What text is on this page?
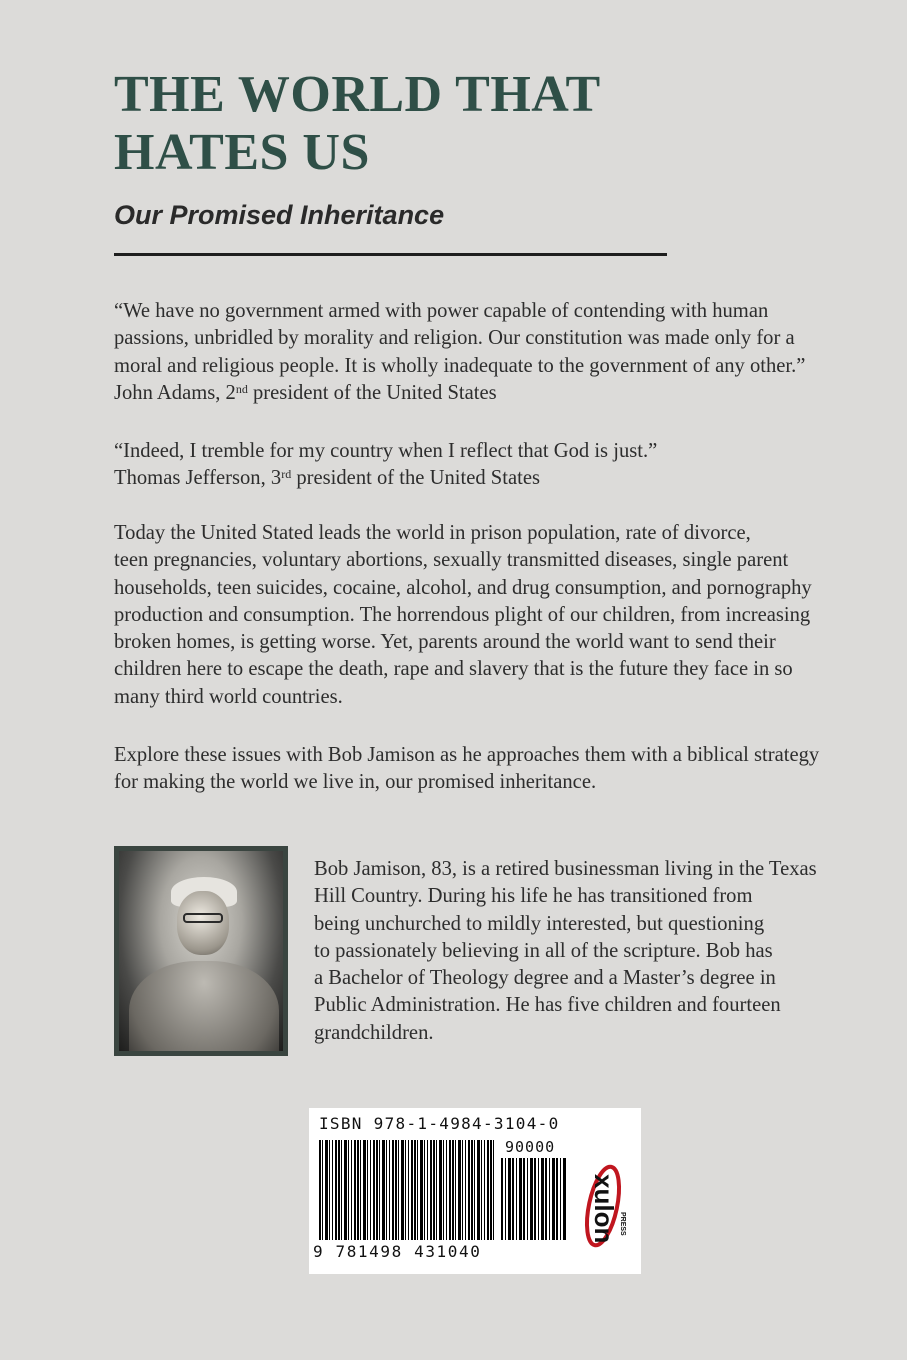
THE WORLD THAT
HATES US
Our Promised Inheritance
“We have no government armed with power capable of contending with human
passions, unbridled by morality and religion. Our constitution was made only for a
moral and religious people. It is wholly inadequate to the government of any other.”
John Adams, 2nd president of the United States
“Indeed, I tremble for my country when I reflect that God is just.”
Thomas Jefferson, 3rd president of the United States
Today the United Stated leads the world in prison population, rate of divorce,
teen pregnancies, voluntary abortions, sexually transmitted diseases, single parent
households, teen suicides, cocaine, alcohol, and drug consumption, and pornography
production and consumption. The horrendous plight of our children, from increasing
broken homes, is getting worse. Yet, parents around the world want to send their
children here to escape the death, rape and slavery that is the future they face in so
many third world countries.
Explore these issues with Bob Jamison as he approaches them with a biblical strategy
for making the world we live in, our promised inheritance.
Bob Jamison, 83, is a retired businessman living in the Texas
Hill Country. During his life he has transitioned from
being unchurched to mildly interested, but questioning
to passionately believing in all of the scripture. Bob has
a Bachelor of Theology degree and a Master’s degree in
Public Administration. He has five children and fourteen
grandchildren.
ISBN 978-1-4984-3104-0
90000
9 781498 431040
xulon PRESS
